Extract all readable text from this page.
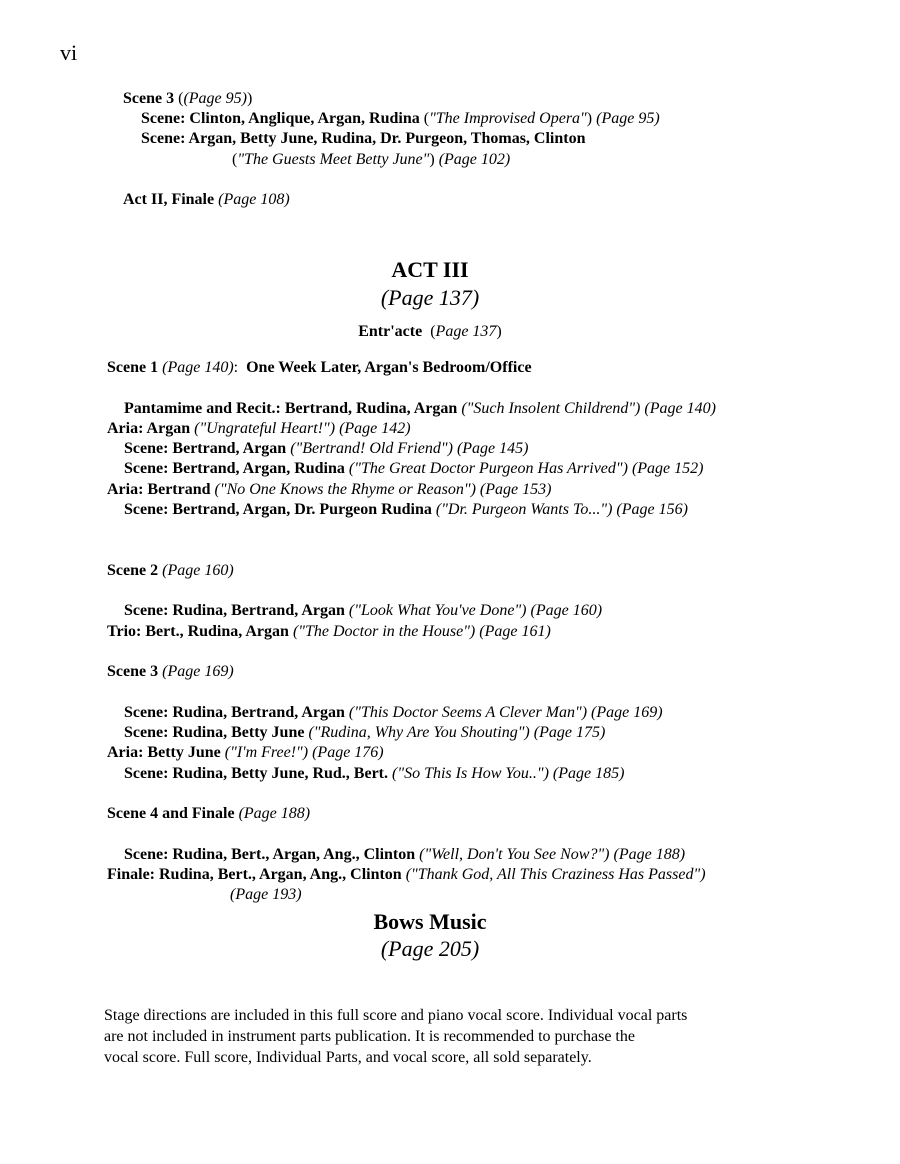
vi
Scene 3 ((Page 95))
Scene: Clinton, Anglique, Argan, Rudina ("The Improvised Opera") (Page 95)
Scene: Argan, Betty June, Rudina, Dr. Purgeon, Thomas, Clinton
("The Guests Meet Betty June") (Page 102)
Act II, Finale (Page 108)
ACT III
(Page 137)
Entr'acte  (Page 137)
Scene 1 (Page 140):  One Week Later, Argan's Bedroom/Office
Pantamime and Recit.: Bertrand, Rudina, Argan ("Such Insolent Childrend") (Page 140)
Aria: Argan ("Ungrateful Heart!") (Page 142)
Scene: Bertrand, Argan ("Bertrand! Old Friend") (Page 145)
Scene: Bertrand, Argan, Rudina ("The Great Doctor Purgeon Has Arrived") (Page 152)
Aria: Bertrand ("No One Knows the Rhyme or Reason") (Page 153)
Scene: Bertrand, Argan, Dr. Purgeon Rudina ("Dr. Purgeon Wants To...") (Page 156)
Scene 2 (Page 160)
Scene: Rudina, Bertrand, Argan ("Look What You've Done") (Page 160)
Trio: Bert., Rudina, Argan ("The Doctor in the House") (Page 161)
Scene 3 (Page 169)
Scene: Rudina, Bertrand, Argan ("This Doctor Seems A Clever Man") (Page 169)
Scene: Rudina, Betty June ("Rudina, Why Are You Shouting") (Page 175)
Aria: Betty June ("I'm Free!") (Page 176)
Scene: Rudina, Betty June, Rud., Bert. ("So This Is How You..") (Page 185)
Scene 4 and Finale (Page 188)
Scene: Rudina, Bert., Argan, Ang., Clinton ("Well, Don't You See Now?") (Page 188)
Finale: Rudina, Bert., Argan, Ang., Clinton ("Thank God, All This Craziness Has Passed")
(Page 193)
Bows Music
(Page 205)
Stage directions are included in this full score and piano vocal score. Individual vocal parts
are not included in instrument parts publication. It is recommended to purchase the
vocal score. Full score, Individual Parts, and vocal score, all sold separately.
